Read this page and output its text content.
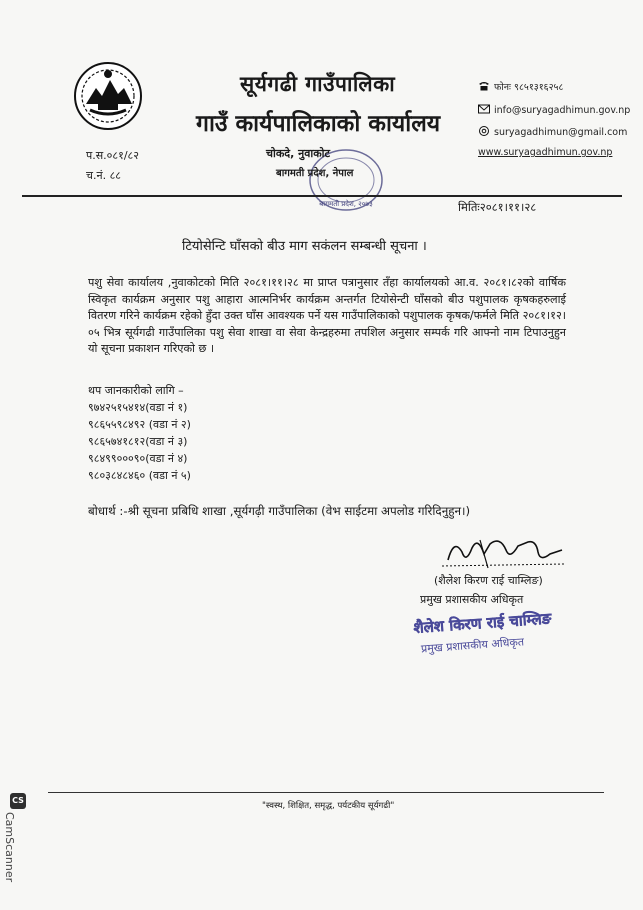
सूर्यगढी गाउँपालिका
गाउँ कार्यपालिकाको कार्यालय
फोनः ९८५१३१६२५८
info@suryagadhimun.gov.np
suryagadhimun@gmail.com
www.suryagadhimun.gov.np
प.स.०८१/८२
च.नं. ८८
बागमती प्रदेश, २०७३
चोकदे, नुवाकोट
बागमती प्रदेश, नेपाल
मितिः२०८१।११।२८
टियोसेन्टि घाँसको बीउ माग सकंलन सम्बन्धी सूचना ।
पशु सेवा कार्यालय ,नुवाकोटको मिति २०८१।११।२८ मा प्राप्त पत्रानुसार तँहा कार्यालयको आ.व. २०८१।८२को वार्षिक स्विकृत कार्यक्रम अनुसार पशु आहारा आत्मनिर्भर कार्यक्रम अन्तर्गत टियोसेन्टी घाँसको बीउ पशुपालक कृषकहरुलाई वितरण गरिने कार्यक्रम रहेको हुँदा उक्त घाँस आवश्यक पर्ने यस गाउँपालिकाको पशुपालक कृषक/फर्मले मिति २०८१।१२।०५ भित्र सूर्यगढी गाउँपालिका पशु सेवा शाखा वा सेवा केन्द्रहरुमा तपशिल अनुसार सम्पर्क गरि आफ्नो नाम टिपाउनुहुन यो सूचना प्रकाशन गरिएको छ ।
थप जानकारीको लागि –
९७४२५१५४१४(वडा नं १)
९८६५५९८४९२ (वडा नं २)
९८६५७४१८१२(वडा नं ३)
९८४९९०००९०(वडा नं ४)
९८०३८४८४६० (वडा नं ५)
बोधार्थ :-श्री सूचना प्रबिधि शाखा ,सूर्यगढ़ी गाउँपालिका (वेभ साईटमा अपलोड गरिदिनुहुन।)
(शैलेश किरण राई चाम्लिङ)
प्रमुख प्रशासकीय अधिकृत
शैलेश किरण राई चाम्लिङ
प्रमुख प्रशासकीय अधिकृत
"स्वस्थ, शिक्षित, समृद्ध, पर्यटकीय सूर्यगढी"
CS
CamScanner
